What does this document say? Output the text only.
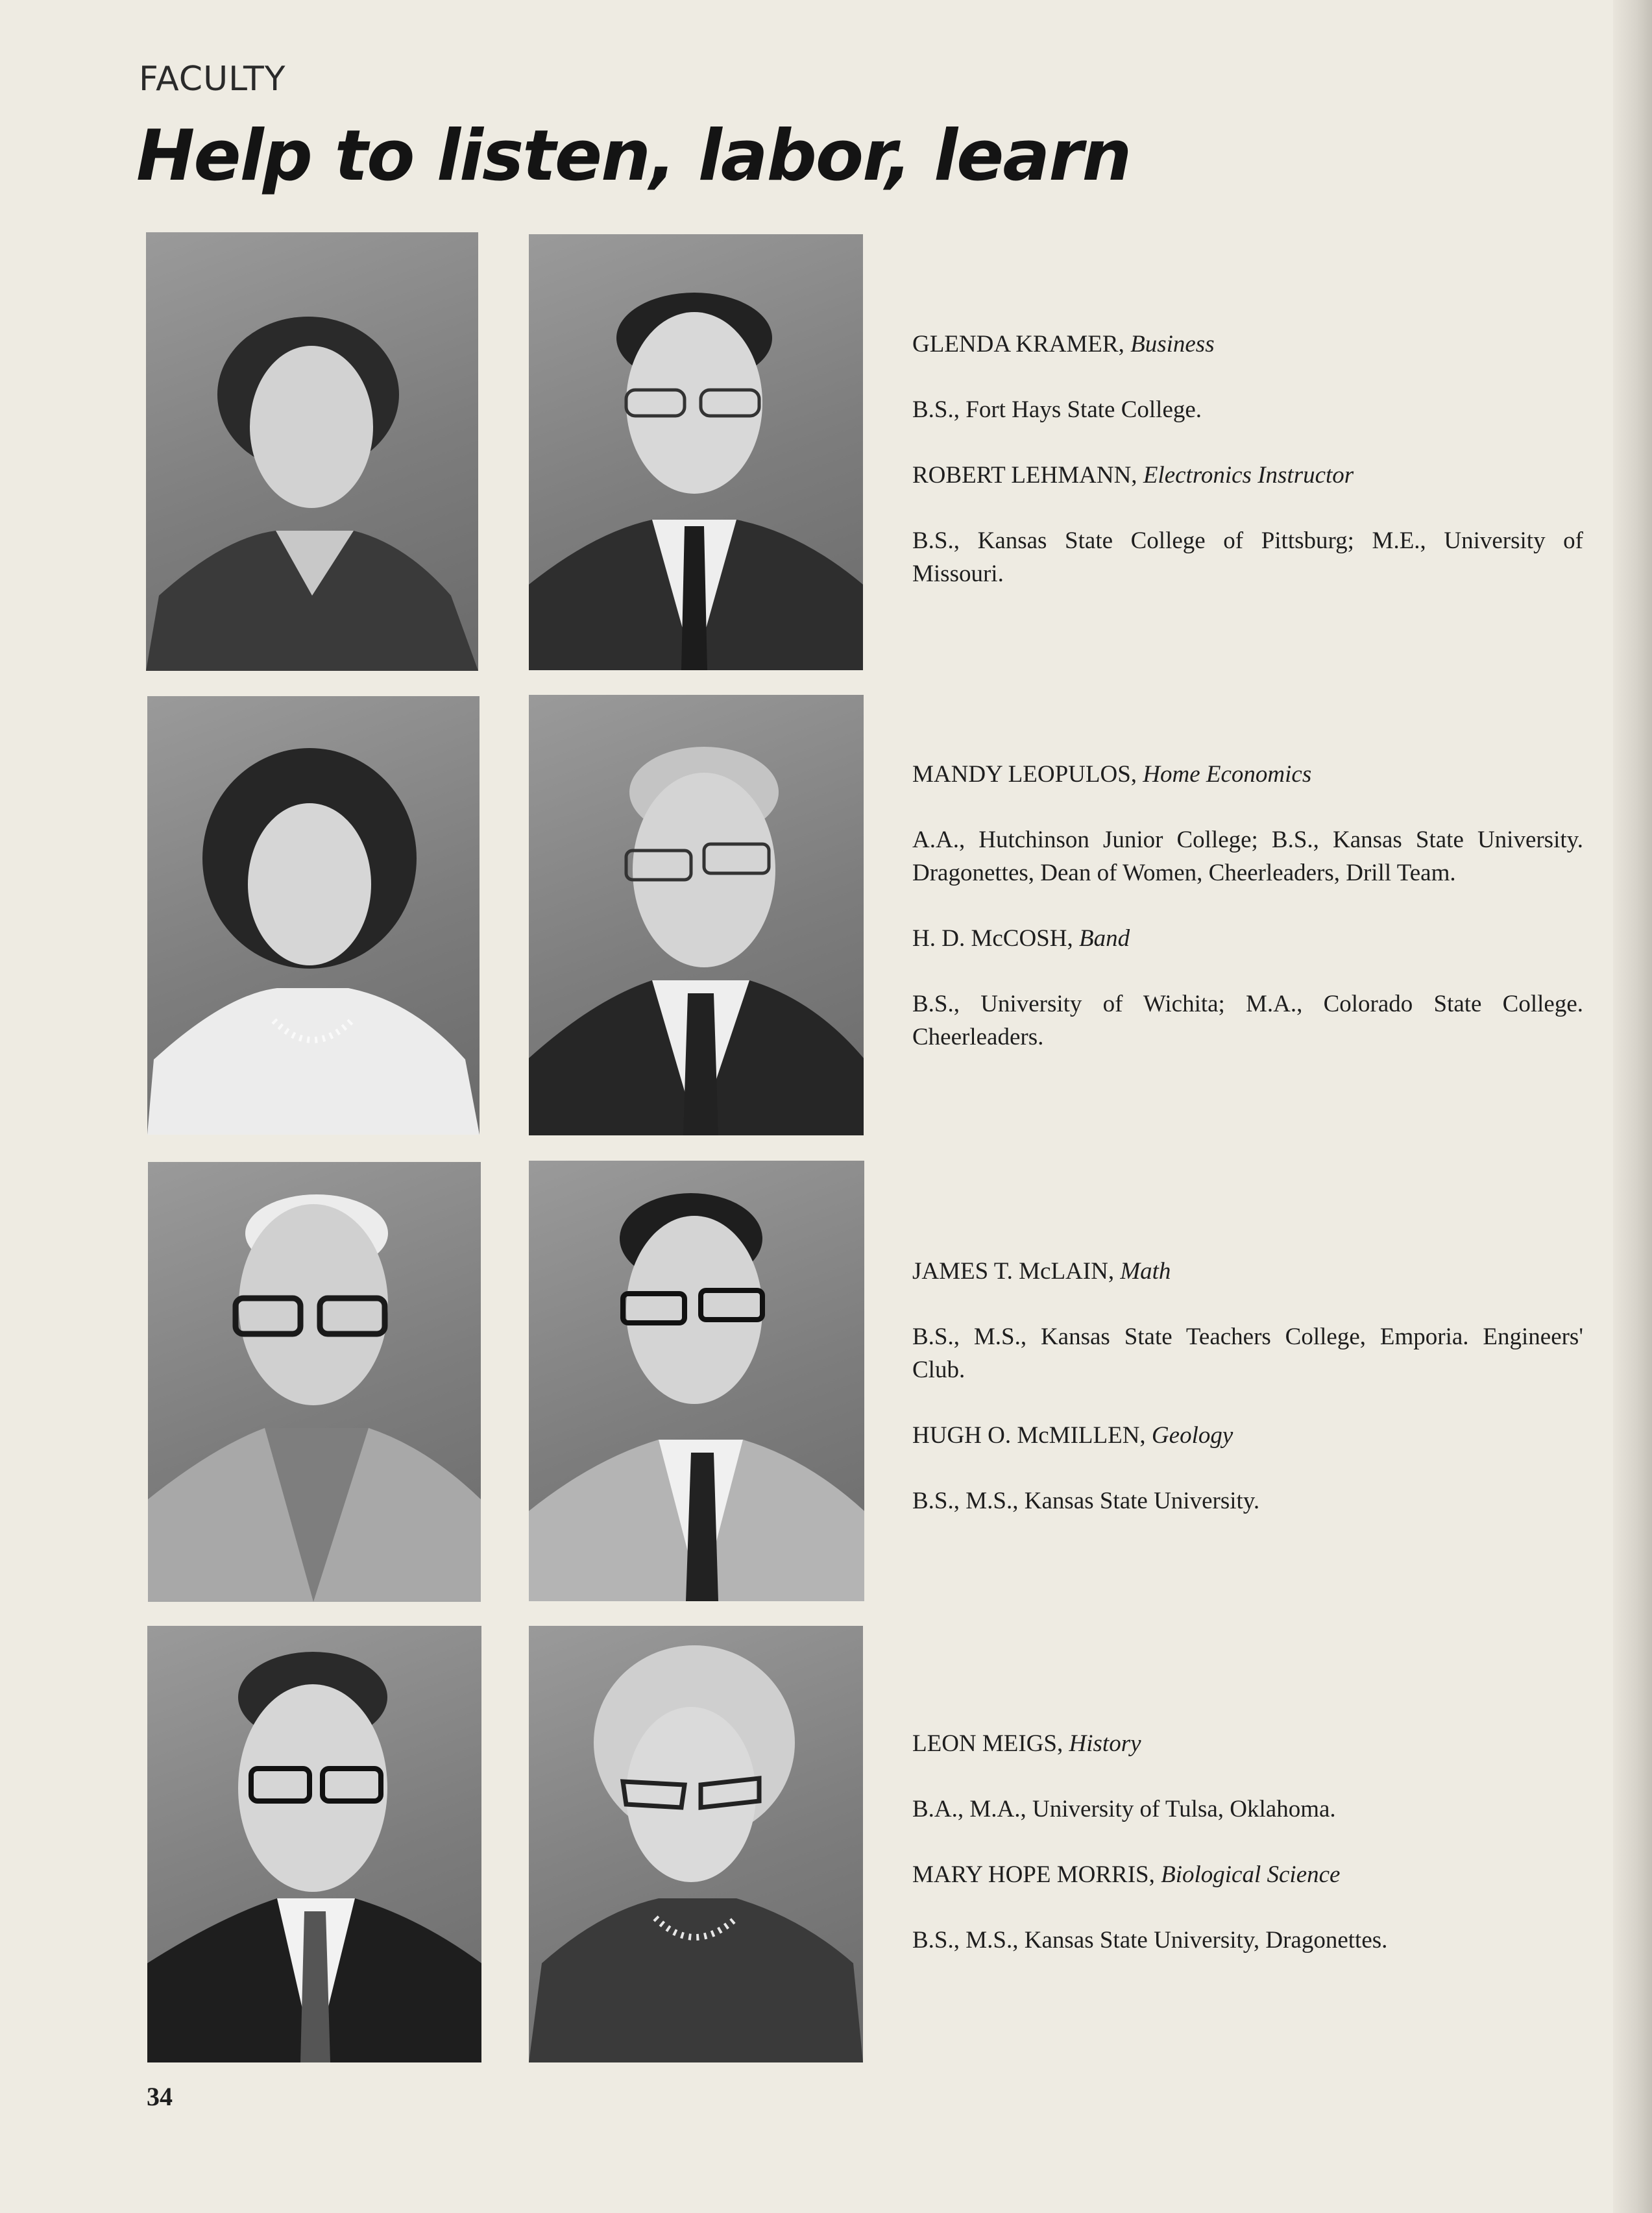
FACULTY
Help to listen, labor, learn

GLENDA KRAMER, Business

B.S., Fort Hays State College.

ROBERT LEHMANN, Electronics Instructor

B.S., Kansas State College of Pittsburg; M.E., University of Missouri.

MANDY LEOPULOS, Home Economics

A.A., Hutchinson Junior College; B.S., Kansas State University. Dragonettes, Dean of Women, Cheerleaders, Drill Team.

H. D. McCOSH, Band

B.S., University of Wichita; M.A., Colorado State College. Cheerleaders.

JAMES T. McLAIN, Math

B.S., M.S., Kansas State Teachers College, Emporia. Engineers' Club.

HUGH O. McMILLEN, Geology

B.S., M.S., Kansas State University.

LEON MEIGS, History

B.A., M.A., University of Tulsa, Oklahoma.

MARY HOPE MORRIS, Biological Science

B.S., M.S., Kansas State University, Dragonettes.

34
